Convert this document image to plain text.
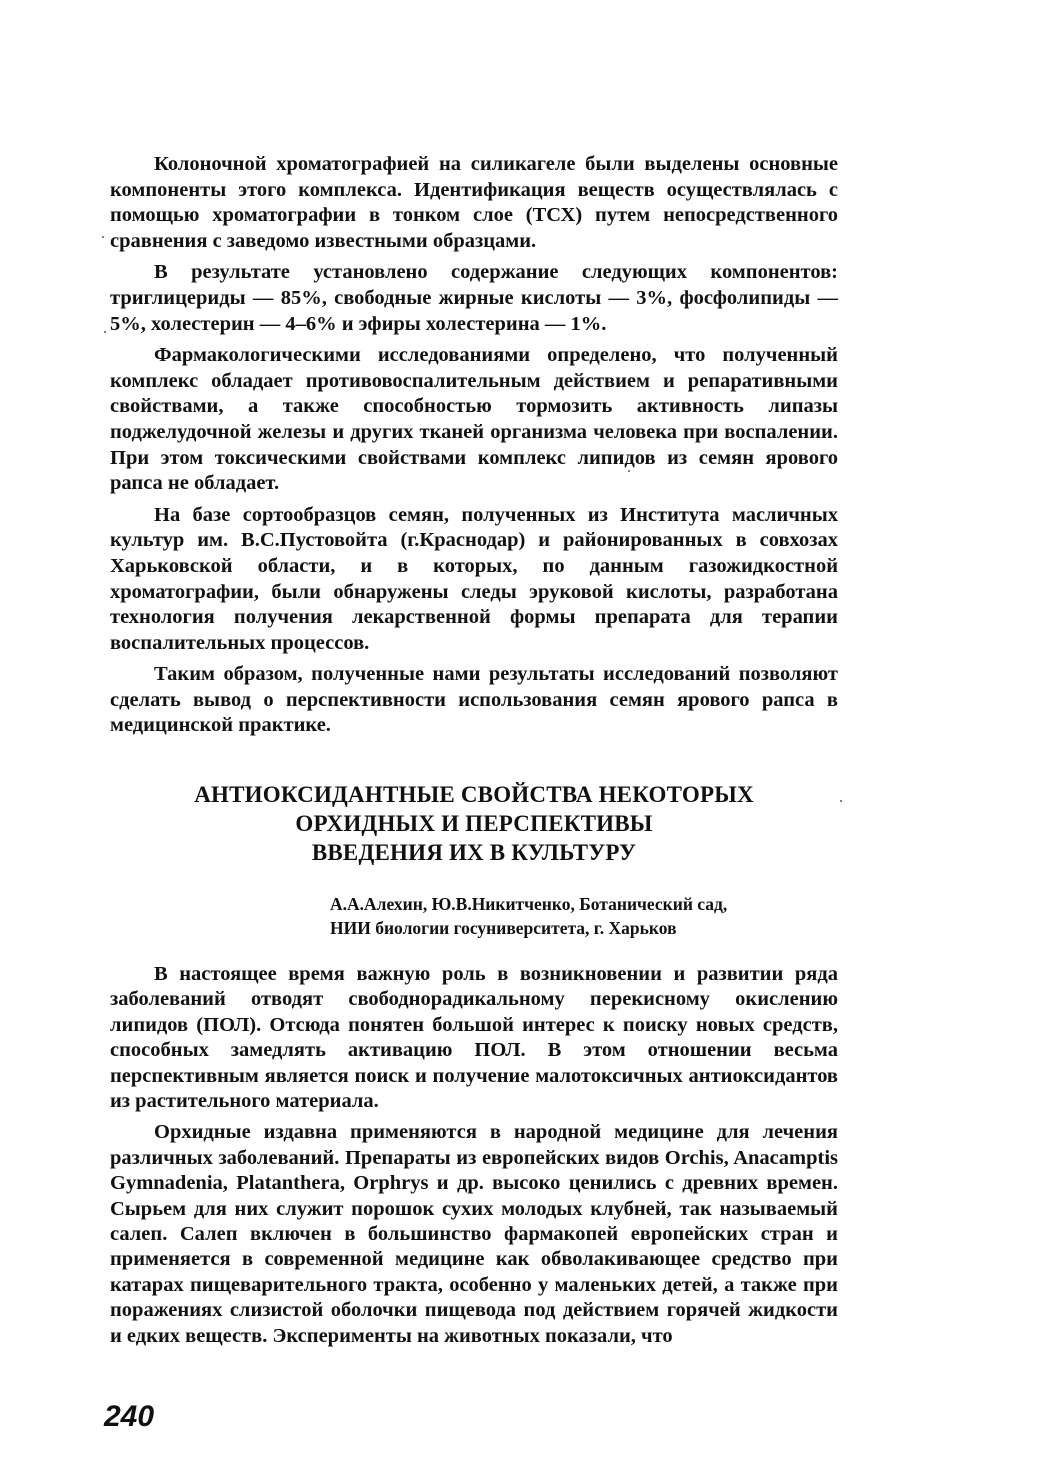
Колоночной хроматографией на силикагеле были выделены основные компоненты этого комплекса. Идентификация веществ осуществлялась с помощью хроматографии в тонком слое (ТСХ) путем непосредственного сравнения с заведомо известными образцами.

В результате установлено содержание следующих компонентов: триглицериды — 85%, свободные жирные кислоты — 3%, фосфолипиды — 5%, холестерин — 4–6% и эфиры холестерина — 1%.

Фармакологическими исследованиями определено, что полученный комплекс обладает противовоспалительным действием и репаративными свойствами, а также способностью тормозить активность липазы поджелудочной железы и других тканей организма человека при воспалении. При этом токсическими свойствами комплекс липидов из семян ярового рапса не обладает.

На базе сортообразцов семян, полученных из Института масличных культур им. В.С.Пустовойта (г.Краснодар) и районированных в совхозах Харьковской области, и в которых, по данным газожидкостной хроматографии, были обнаружены следы эруковой кислоты, разработана технология получения лекарственной формы препарата для терапии воспалительных процессов.

Таким образом, полученные нами результаты исследований позволяют сделать вывод о перспективности использования семян ярового рапса в медицинской практике.

АНТИОКСИДАНТНЫЕ СВОЙСТВА НЕКОТОРЫХ
ОРХИДНЫХ И ПЕРСПЕКТИВЫ
ВВЕДЕНИЯ ИХ В КУЛЬТУРУ

А.А.Алехин, Ю.В.Никитченко, Ботанический сад,
НИИ биологии госуниверситета, г. Харьков

В настоящее время важную роль в возникновении и развитии ряда заболеваний отводят свободнорадикальному перекисному окислению липидов (ПОЛ). Отсюда понятен большой интерес к поиску новых средств, способных замедлять активацию ПОЛ. В этом отношении весьма перспективным является поиск и получение малотоксичных антиоксидантов из растительного материала.

Орхидные издавна применяются в народной медицине для лечения различных заболеваний. Препараты из европейских видов Orchis, Anacamptis Gymnadenia, Platanthera, Orphrys и др. высоко ценились с древних времен. Сырьем для них служит порошок сухих молодых клубней, так называемый салеп. Салеп включен в большинство фармакопей европейских стран и применяется в современной медицине как обволакивающее средство при катарах пищеварительного тракта, особенно у маленьких детей, а также при поражениях слизистой оболочки пищевода под действием горячей жидкости и едких веществ. Эксперименты на животных показали, что

240
